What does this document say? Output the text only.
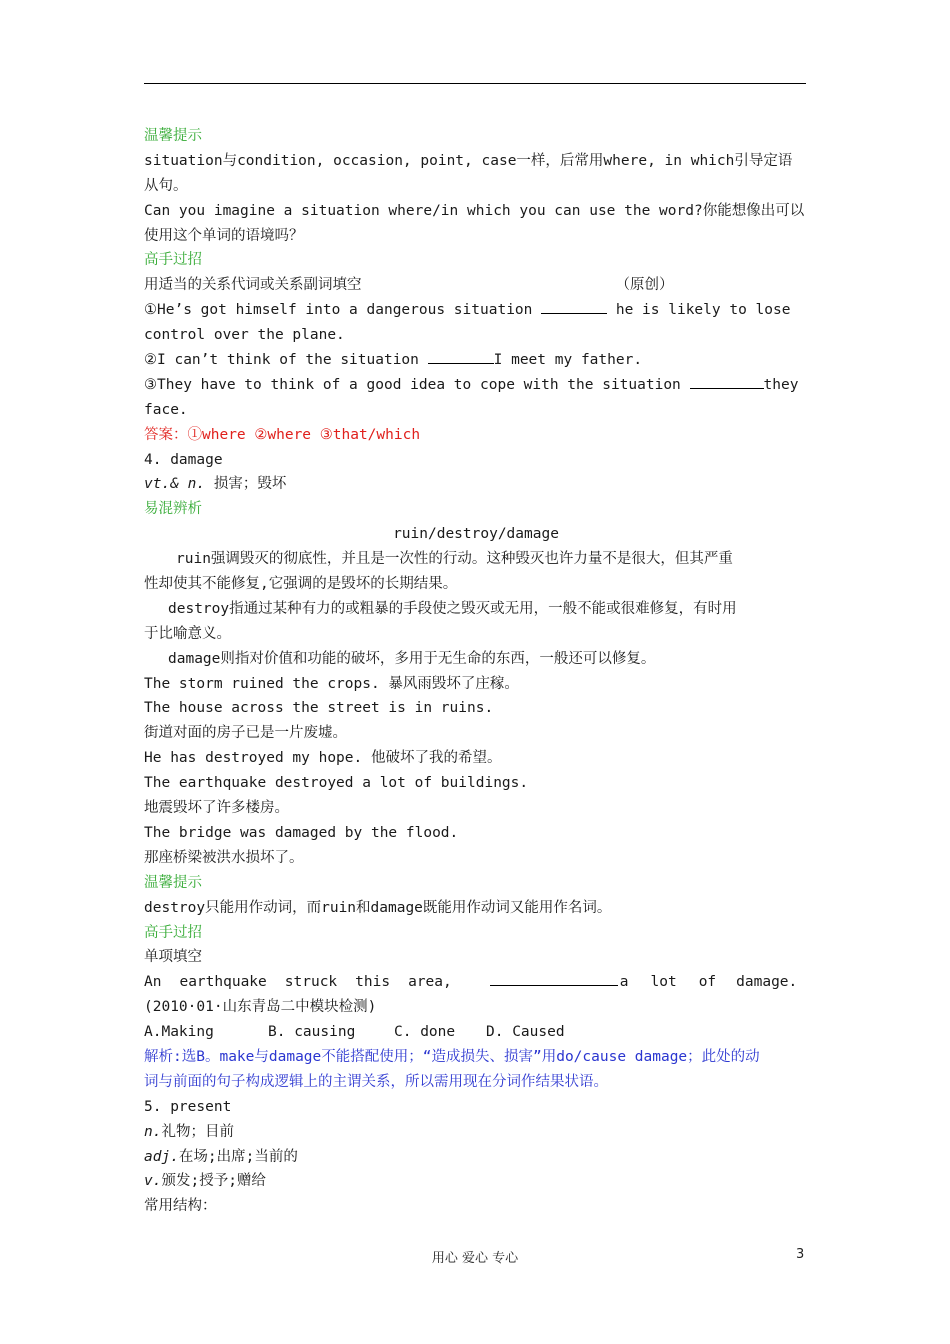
温馨提示
situation与condition, occasion, point, case一样，后常用where, in which引导定语
从句。
Can you imagine a situation where/in which you can use the word?你能想像出可以
使用这个单词的语境吗？
高手过招
用适当的关系代词或关系副词填空	（原创）
①He’s got himself into a dangerous situation	he is likely to lose
control over the plane.
②I can’t think of the situation	I meet my father.
③They have to think of a good idea to cope with the situation	they
face.
答案：①where ②where ③that/which
4. damage
vt.& n. 损害；毁坏
易混辨析
ruin/destroy/damage
ruin强调毁灭的彻底性，并且是一次性的行动。这种毁灭也许力量不是很大，但其严重
性却使其不能修复,它强调的是毁坏的长期结果。
destroy指通过某种有力的或粗暴的手段使之毁灭或无用，一般不能或很难修复，有时用
于比喻意义。
damage则指对价值和功能的破坏，多用于无生命的东西，一般还可以修复。
The storm ruined the crops. 暴风雨毁坏了庄稼。
The house across the street is in ruins.
街道对面的房子已是一片废墟。
He has destroyed my hope. 他破坏了我的希望。
The earthquake destroyed a lot of buildings.
地震毁坏了许多楼房。
The bridge was damaged by the flood.
那座桥梁被洪水损坏了。
温馨提示
destroy只能用作动词，而ruin和damage既能用作动词又能用作名词。
高手过招
单项填空
An earthquake struck this area,	a lot of damage.
(2010·01·山东青岛二中模块检测)
A.Making	B. causing	C. done D. Caused
解析:选B。make与damage不能搭配使用；“造成损失、损害”用do/cause damage；此处的动
词与前面的句子构成逻辑上的主谓关系，所以需用现在分词作结果状语。
5. present
n.礼物；目前
adj.在场;出席;当前的
v.颁发;授予;赠给
常用结构：
用心 爱心 专心	3
